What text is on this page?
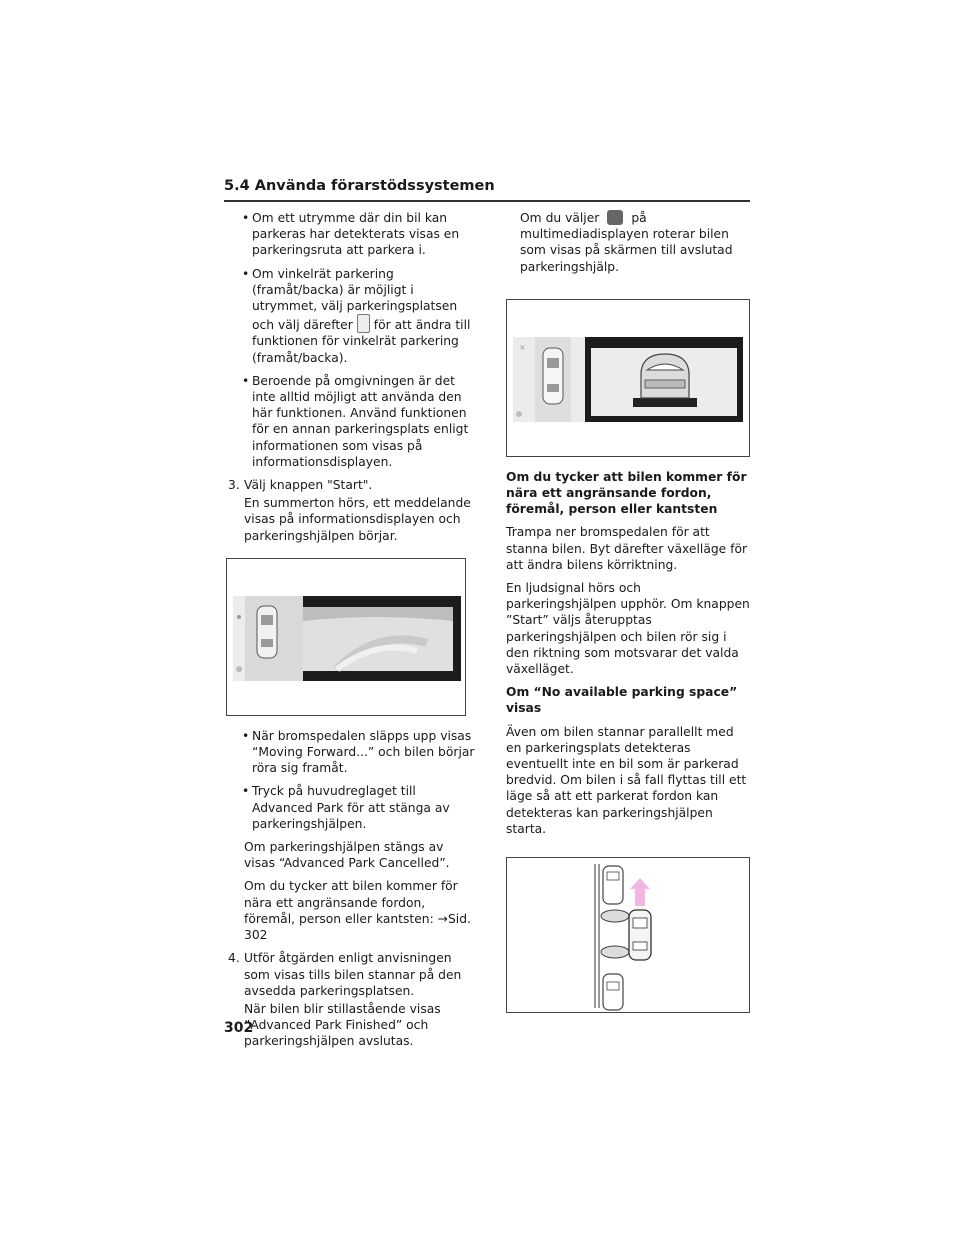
5.4 Använda förarstödssystemen
• Om ett utrymme där din bil kan parkeras har detekterats visas en parkeringsruta att parkera i.
• Om vinkelrät parkering (framåt/backa) är möjligt i utrymmet, välj parkeringsplatsen och välj därefter för att ändra till funktionen för vinkelrät parkering (framåt/backa).
• Beroende på omgivningen är det inte alltid möjligt att använda den här funktionen. Använd funktionen för en annan parkeringsplats enligt informationen som visas på informationsdisplayen.
3. Välj knappen "Start".
En summerton hörs, ett meddelande visas på informationsdisplayen och parkeringshjälpen börjar.
• När bromspedalen släpps upp visas “Moving Forward...” och bilen börjar röra sig framåt.
• Tryck på huvudreglaget till Advanced Park för att stänga av parkeringshjälpen.
Om parkeringshjälpen stängs av visas “Advanced Park Cancelled”.
Om du tycker att bilen kommer för nära ett angränsande fordon, föremål, person eller kantsten: →Sid. 302
4. Utför åtgärden enligt anvisningen som visas tills bilen stannar på den avsedda parkeringsplatsen.
När bilen blir stillastående visas ”Advanced Park Finished” och parkeringshjälpen avslutas.
Om du väljer	på multimediadisplayen roterar bilen som visas på skärmen till avslutad parkeringshjälp.
×
Om du tycker att bilen kommer för nära ett angränsande fordon, föremål, person eller kantsten
Trampa ner bromspedalen för att stanna bilen. Byt därefter växelläge för att ändra bilens körriktning.
En ljudsignal hörs och parkeringshjälpen upphör. Om knappen ”Start” väljs återupptas parkeringshjälpen och bilen rör sig i den riktning som motsvarar det valda växelläget.
Om “No available parking space” visas
Även om bilen stannar parallellt med en parkeringsplats detekteras eventuellt inte en bil som är parkerad bredvid. Om bilen i så fall flyttas till ett läge så att ett parkerat fordon kan detekteras kan parkeringshjälpen starta.
302
